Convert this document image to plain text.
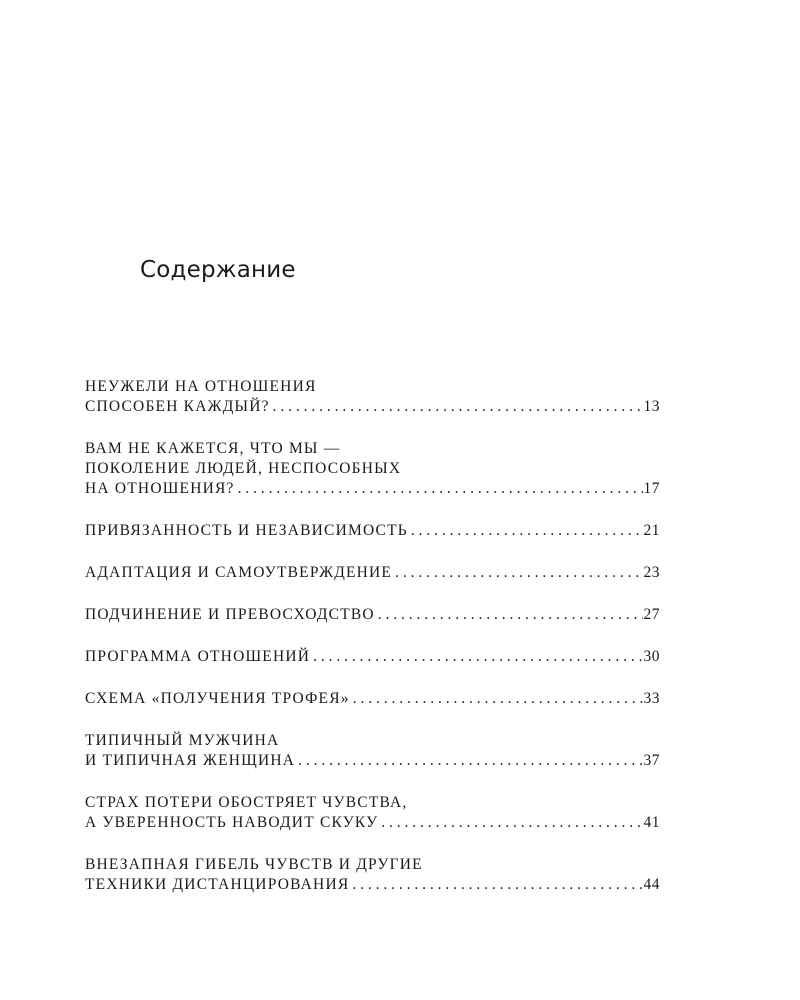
Содержание
НЕУЖЕЛИ НА ОТНОШЕНИЯ
СПОСОБЕН КАЖДЫЙ? . . .	13
ВАМ НЕ КАЖЕТСЯ, ЧТО МЫ —
ПОКОЛЕНИЕ ЛЮДЕЙ, НЕСПОСОБНЫХ
НА ОТНОШЕНИЯ? . . .	17
ПРИВЯЗАННОСТЬ И НЕЗАВИСИМОСТЬ . . .	21
АДАПТАЦИЯ И САМОУТВЕРЖДЕНИЕ . . .	23
ПОДЧИНЕНИЕ И ПРЕВОСХОДСТВО . . .	27
ПРОГРАММА ОТНОШЕНИЙ . . .	30
СХЕМА «ПОЛУЧЕНИЯ ТРОФЕЯ» . . .	33
ТИПИЧНЫЙ МУЖЧИНА
И ТИПИЧНАЯ ЖЕНЩИНА . . .	37
СТРАХ ПОТЕРИ ОБОСТРЯЕТ ЧУВСТВА,
А УВЕРЕННОСТЬ НАВОДИТ СКУКУ . . .	41
ВНЕЗАПНАЯ ГИБЕЛЬ ЧУВСТВ И ДРУГИЕ
ТЕХНИКИ ДИСТАНЦИРОВАНИЯ . . .	44
